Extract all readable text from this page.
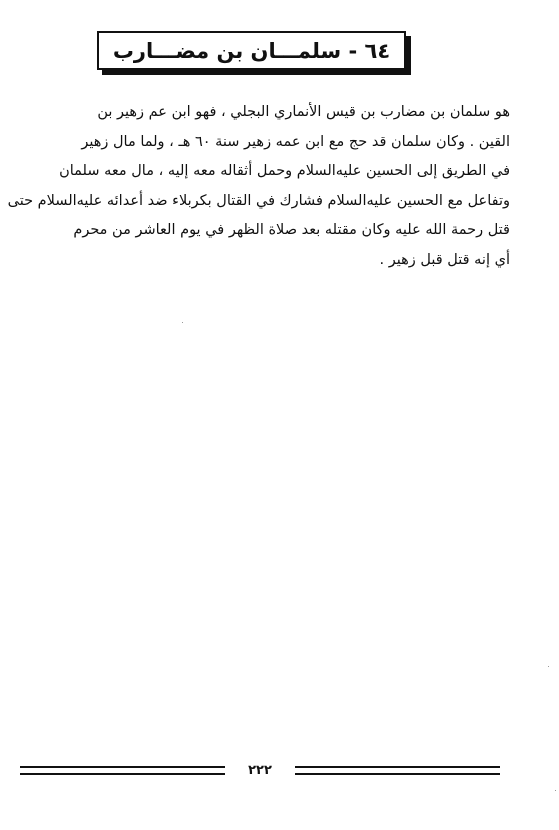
٦٤ - سلمـــان بن مضـــارب
هو سلمان بن مضارب بن قيس الأنماري البجلي ، فهو ابن عم زهير بن
القين . وكان سلمان قد حج مع ابن عمه زهير سنة ٦٠ هـ ، ولما مال زهير
في الطريق إلى الحسين عليه‌السلام وحمل أثقاله معه إليه ، مال معه سلمان
وتفاعل مع الحسين عليه‌السلام فشارك في القتال بكربلاء ضد أعدائه عليه‌السلام حتى
قتل رحمة الله عليه وكان مقتله بعد صلاة الظهر في يوم العاشر من محرم
أي إنه قتل قبل زهير .
٢٢٢
